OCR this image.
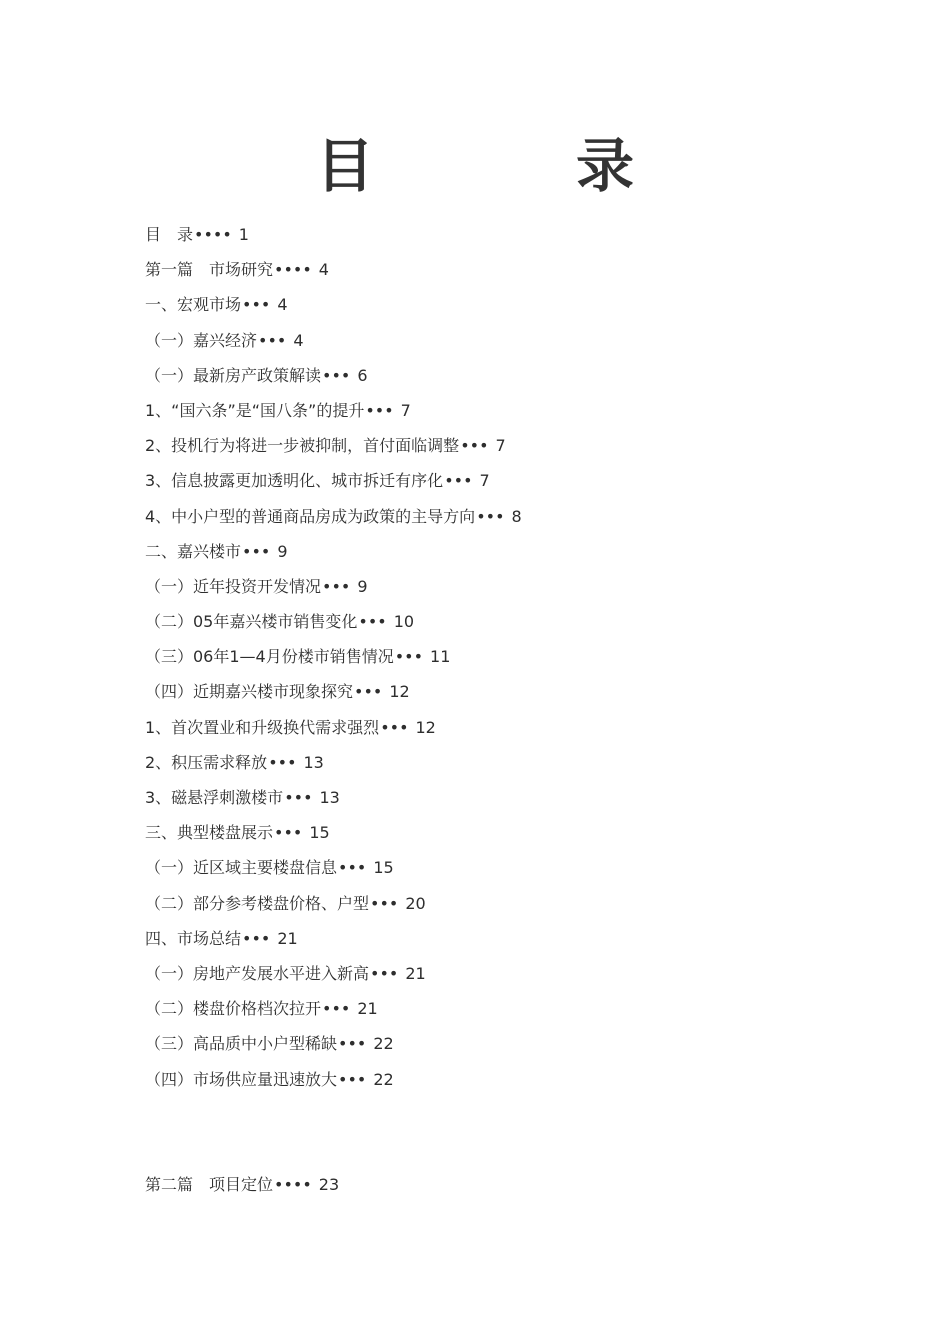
目          录
目　录•••• 1
第一篇　市场研究•••• 4
一、宏观市场••• 4
（一）嘉兴经济••• 4
（一）最新房产政策解读••• 6
1、“国六条”是“国八条”的提升••• 7
2、投机行为将进一步被抑制，首付面临调整••• 7
3、信息披露更加透明化、城市拆迁有序化••• 7
4、中小户型的普通商品房成为政策的主导方向••• 8
二、嘉兴楼市••• 9
（一）近年投资开发情况••• 9
（二）05年嘉兴楼市销售变化••• 10
（三）06年1—4月份楼市销售情况••• 11
（四）近期嘉兴楼市现象探究••• 12
1、首次置业和升级换代需求强烈••• 12
2、积压需求释放••• 13
3、磁悬浮刺激楼市••• 13
三、典型楼盘展示••• 15
（一）近区域主要楼盘信息••• 15
（二）部分参考楼盘价格、户型••• 20
四、市场总结••• 21
（一）房地产发展水平进入新高••• 21
（二）楼盘价格档次拉开••• 21
（三）高品质中小户型稀缺••• 22
（四）市场供应量迅速放大••• 22
第二篇　项目定位•••• 23
